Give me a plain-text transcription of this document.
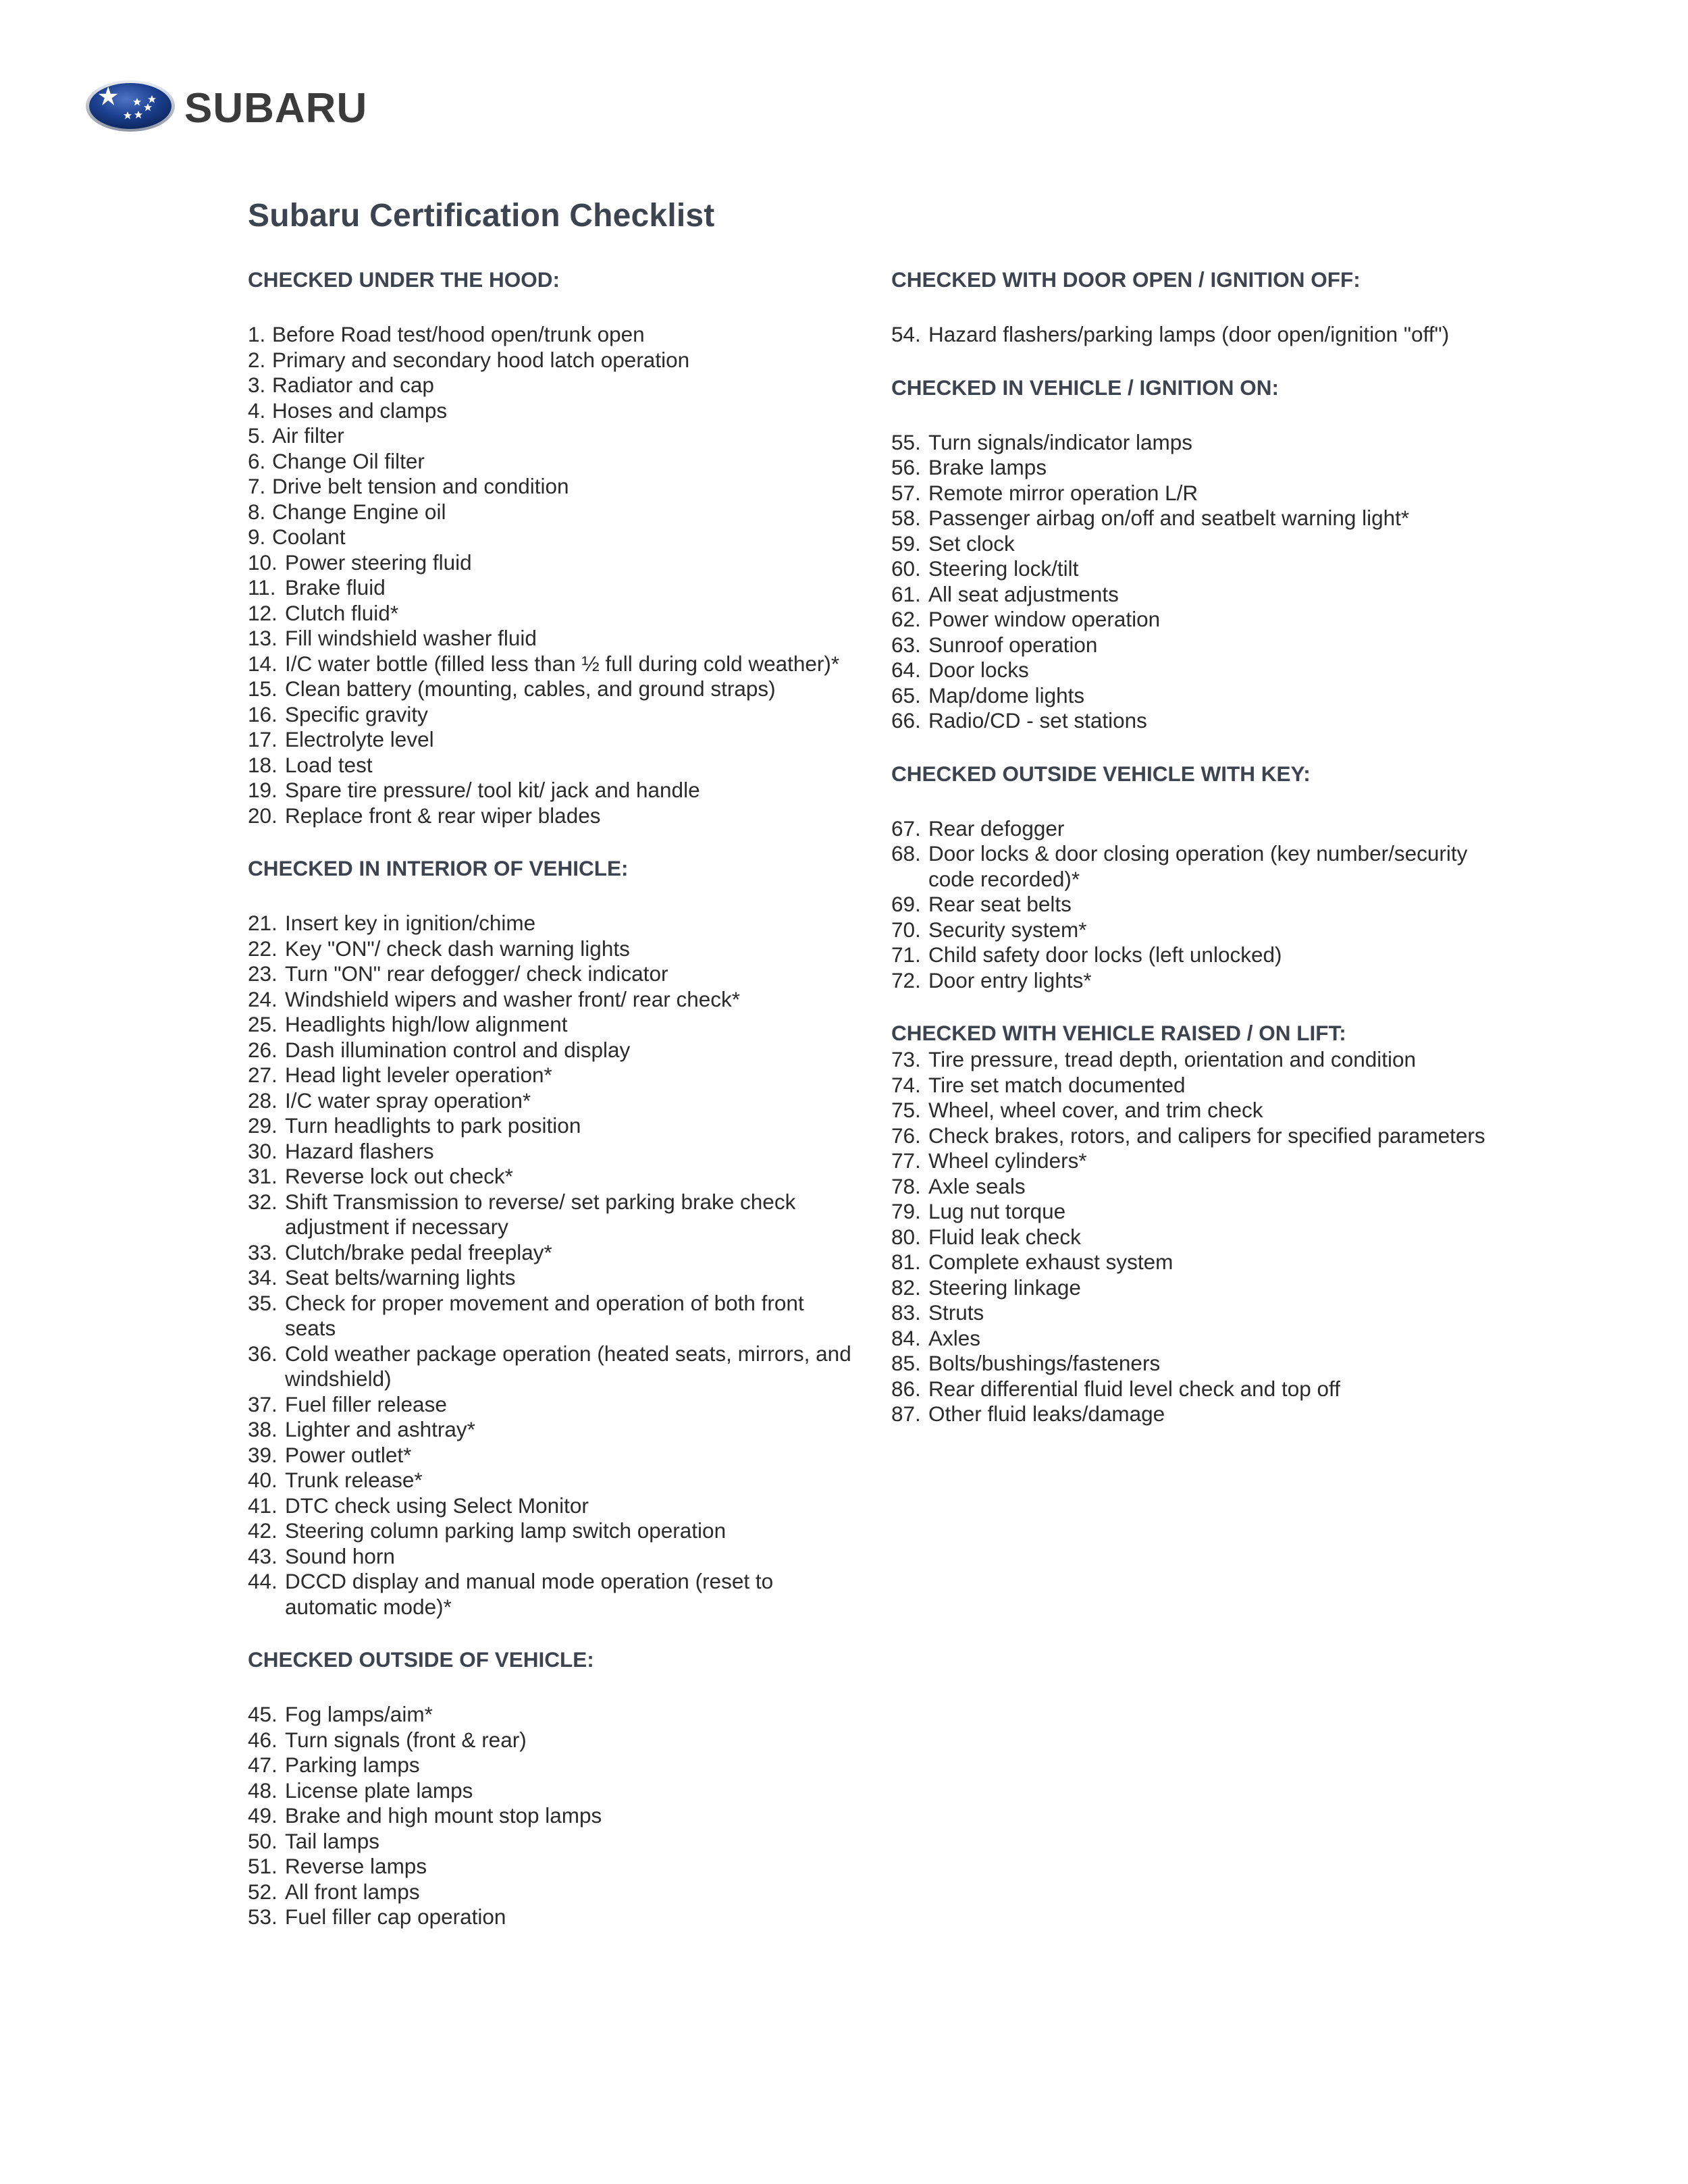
SUBARU
Subaru Certification Checklist
CHECKED UNDER THE HOOD:
1. Before Road test/hood open/trunk open
2. Primary and secondary hood latch operation
3. Radiator and cap
4. Hoses and clamps
5. Air filter
6. Change Oil filter
7. Drive belt tension and condition
8. Change Engine oil
9. Coolant
10. Power steering fluid
11. Brake fluid
12. Clutch fluid*
13. Fill windshield washer fluid
14. I/C water bottle (filled less than ½ full during cold weather)*
15. Clean battery (mounting, cables, and ground straps)
16. Specific gravity
17. Electrolyte level
18. Load test
19. Spare tire pressure/ tool kit/ jack and handle
20. Replace front & rear wiper blades
CHECKED IN INTERIOR OF VEHICLE:
21. Insert key in ignition/chime
22. Key "ON"/ check dash warning lights
23. Turn "ON" rear defogger/ check indicator
24. Windshield wipers and washer front/ rear check*
25. Headlights high/low alignment
26. Dash illumination control and display
27. Head light leveler operation*
28. I/C water spray operation*
29. Turn headlights to park position
30. Hazard flashers
31. Reverse lock out check*
32. Shift Transmission to reverse/ set parking brake check adjustment if necessary
33. Clutch/brake pedal freeplay*
34. Seat belts/warning lights
35. Check for proper movement and operation of both front seats
36. Cold weather package operation (heated seats, mirrors, and windshield)
37. Fuel filler release
38. Lighter and ashtray*
39. Power outlet*
40. Trunk release*
41. DTC check using Select Monitor
42. Steering column parking lamp switch operation
43. Sound horn
44. DCCD display and manual mode operation (reset to automatic mode)*
CHECKED OUTSIDE OF VEHICLE:
45. Fog lamps/aim*
46. Turn signals (front & rear)
47. Parking lamps
48. License plate lamps
49. Brake and high mount stop lamps
50. Tail lamps
51. Reverse lamps
52. All front lamps
53. Fuel filler cap operation
CHECKED WITH DOOR OPEN / IGNITION OFF:
54. Hazard flashers/parking lamps (door open/ignition "off")
CHECKED IN VEHICLE / IGNITION ON:
55. Turn signals/indicator lamps
56. Brake lamps
57. Remote mirror operation L/R
58. Passenger airbag on/off and seatbelt warning light*
59. Set clock
60. Steering lock/tilt
61. All seat adjustments
62. Power window operation
63. Sunroof operation
64. Door locks
65. Map/dome lights
66. Radio/CD - set stations
CHECKED OUTSIDE VEHICLE WITH KEY:
67. Rear defogger
68. Door locks & door closing operation (key number/security code recorded)*
69. Rear seat belts
70. Security system*
71. Child safety door locks (left unlocked)
72. Door entry lights*
CHECKED WITH VEHICLE RAISED / ON LIFT:
73. Tire pressure, tread depth, orientation and condition
74. Tire set match documented
75. Wheel, wheel cover, and trim check
76. Check brakes, rotors, and calipers for specified parameters
77. Wheel cylinders*
78. Axle seals
79. Lug nut torque
80. Fluid leak check
81. Complete exhaust system
82. Steering linkage
83. Struts
84. Axles
85. Bolts/bushings/fasteners
86. Rear differential fluid level check and top off
87. Other fluid leaks/damage
